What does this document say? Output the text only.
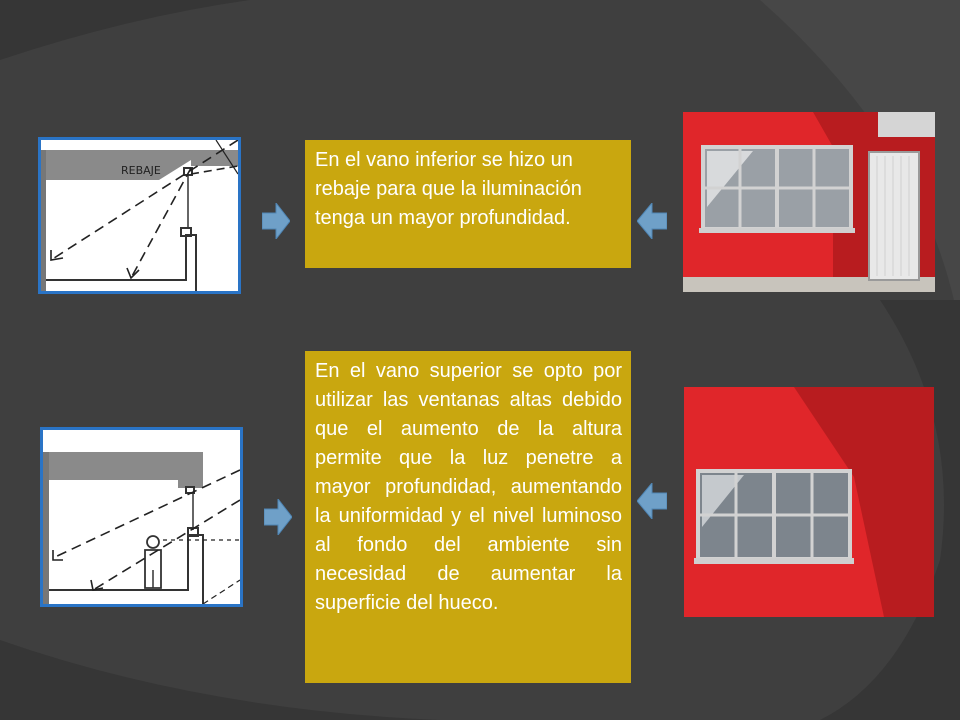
REBAJE	En el vano inferior se hizo un rebaje para que la iluminación tenga un mayor profundidad.
En el vano superior se opto por utilizar las ventanas altas debido que el aumento de la altura permite que la luz penetre a mayor profundidad, aumentando la uniformidad y el nivel luminoso al fondo del ambiente sin necesidad de aumentar la superficie del hueco.
